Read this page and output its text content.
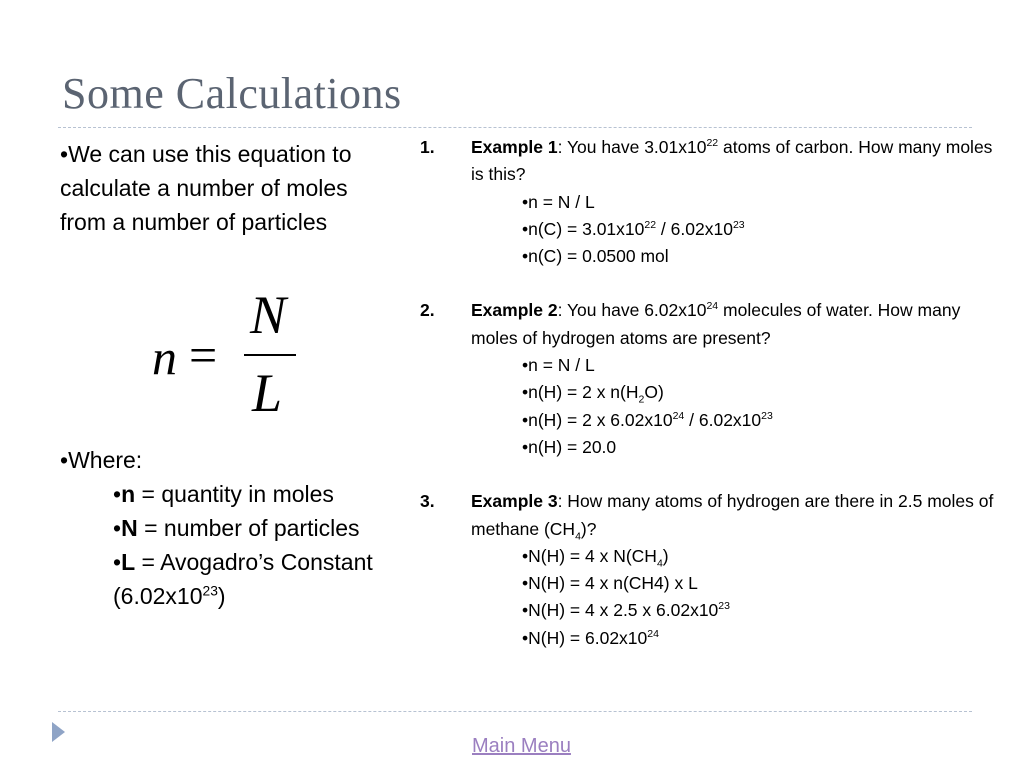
Some Calculations

•We can use this equation to calculate a number of moles from a number of particles

n =
N
L

•Where:

•n = quantity in moles

•N = number of particles

•L = Avogadro’s Constant    $(6.02x10^{23})$

1. Example 1: You have $3.01x10^{22}$ atoms of carbon. How many moles is this?
•n = N / L
•n(C) = $3.01x10^{22} / 6.02x10^{23}$
•n(C) = 0.0500 mol
2. Example 2: You have $6.02x10^{24}$ molecules of water. How many moles of hydrogen atoms are present?
•n = N / L
•n(H) = 2 x $n(H_2O)$
•n(H) = 2 x $6.02x10^{24} / 6.02x10^{23}$
•n(H) = 20.0
3. Example 3: How many atoms of hydrogen are there in 2.5 moles of methane $(CH_4)$?
•N(H) = 4 x $N(CH_4)$
•N(H) = 4 x n(CH4) x L
•N(H) = 4 x 2.5 x $6.02x10^{23}$
•N(H) = $6.02x10^{24}$
Main Menu
